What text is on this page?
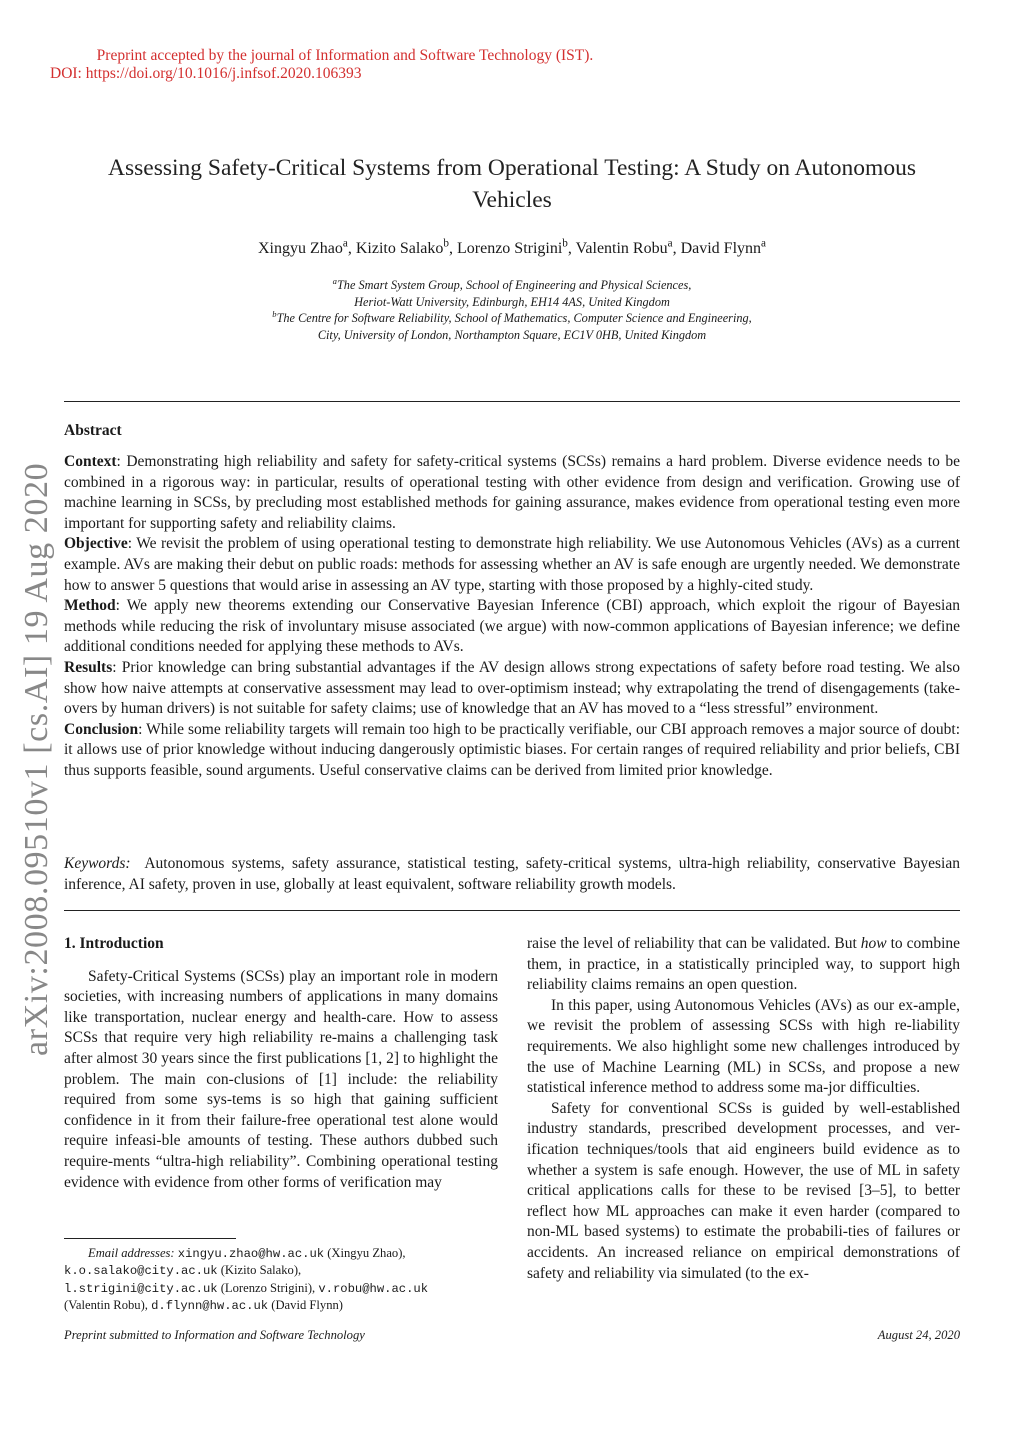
Preprint accepted by the journal of Information and Software Technology (IST).
DOI: https://doi.org/10.1016/j.infsof.2020.106393
arXiv:2008.09510v1 [cs.AI] 19 Aug 2020
Assessing Safety-Critical Systems from Operational Testing: A Study on Autonomous
Vehicles
Xingyu Zhao$^a$, Kizito Salako$^b$, Lorenzo Strigini$^b$, Valentin Robu$^a$, David Flynn$^a$
$^a$The Smart System Group, School of Engineering and Physical Sciences,
Heriot-Watt University, Edinburgh, EH14 4AS, United Kingdom
$^b$The Centre for Software Reliability, School of Mathematics, Computer Science and Engineering,
City, University of London, Northampton Square, EC1V 0HB, United Kingdom
Abstract

Context: Demonstrating high reliability and safety for safety-critical systems (SCSs) remains a hard problem. Diverse evidence needs to be combined in a rigorous way: in particular, results of operational testing with other evidence from design and verification. Growing use of machine learning in SCSs, by precluding most established methods for gaining assurance, makes evidence from operational testing even more important for supporting safety and reliability claims.

Objective: We revisit the problem of using operational testing to demonstrate high reliability. We use Autonomous Vehicles (AVs) as a current example. AVs are making their debut on public roads: methods for assessing whether an AV is safe enough are urgently needed. We demonstrate how to answer 5 questions that would arise in assessing an AV type, starting with those proposed by a highly-cited study.

Method: We apply new theorems extending our Conservative Bayesian Inference (CBI) approach, which exploit the rigour of Bayesian methods while reducing the risk of involuntary misuse associated (we argue) with now-common applications of Bayesian inference; we define additional conditions needed for applying these methods to AVs.

Results: Prior knowledge can bring substantial advantages if the AV design allows strong expectations of safety before road testing. We also show how naive attempts at conservative assessment may lead to over-optimism instead; why extrapolating the trend of disengagements (take-overs by human drivers) is not suitable for safety claims; use of knowledge that an AV has moved to a “less stressful” environment.

Conclusion: While some reliability targets will remain too high to be practically verifiable, our CBI approach removes a major source of doubt: it allows use of prior knowledge without inducing dangerously optimistic biases. For certain ranges of required reliability and prior beliefs, CBI thus supports feasible, sound arguments. Useful conservative claims can be derived from limited prior knowledge.

Keywords: Autonomous systems, safety assurance, statistical testing, safety-critical systems, ultra-high reliability, conservative Bayesian inference, AI safety, proven in use, globally at least equivalent, software reliability growth models.
1. Introduction

Safety-Critical Systems (SCSs) play an important role in modern societies, with increasing numbers of applications in many domains like transportation, nuclear energy and health-care. How to assess SCSs that require very high reliability re-mains a challenging task after almost 30 years since the first publications [1, 2] to highlight the problem. The main con-clusions of [1] include: the reliability required from some sys-tems is so high that gaining sufficient confidence in it from their failure-free operational test alone would require infeasi-ble amounts of testing. These authors dubbed such require-ments “ultra-high reliability”. Combining operational testing evidence with evidence from other forms of verification may

raise the level of reliability that can be validated. But how to combine them, in practice, in a statistically principled way, to support high reliability claims remains an open question.

In this paper, using Autonomous Vehicles (AVs) as our ex-ample, we revisit the problem of assessing SCSs with high re-liability requirements. We also highlight some new challenges introduced by the use of Machine Learning (ML) in SCSs, and propose a new statistical inference method to address some ma-jor difficulties.

Safety for conventional SCSs is guided by well-established industry standards, prescribed development processes, and ver-ification techniques/tools that aid engineers build evidence as to whether a system is safe enough. However, the use of ML in safety critical applications calls for these to be revised [3–5], to better reflect how ML approaches can make it even harder (compared to non-ML based systems) to estimate the probabili-ties of failures or accidents. An increased reliance on empirical demonstrations of safety and reliability via simulated (to the ex-

Email addresses: xingyu.zhao@hw.ac.uk (Xingyu Zhao),
k.o.salako@city.ac.uk (Kizito Salako),
l.strigini@city.ac.uk (Lorenzo Strigini), v.robu@hw.ac.uk
(Valentin Robu), d.flynn@hw.ac.uk (David Flynn)
Preprint submitted to Information and Software Technology	August 24, 2020
